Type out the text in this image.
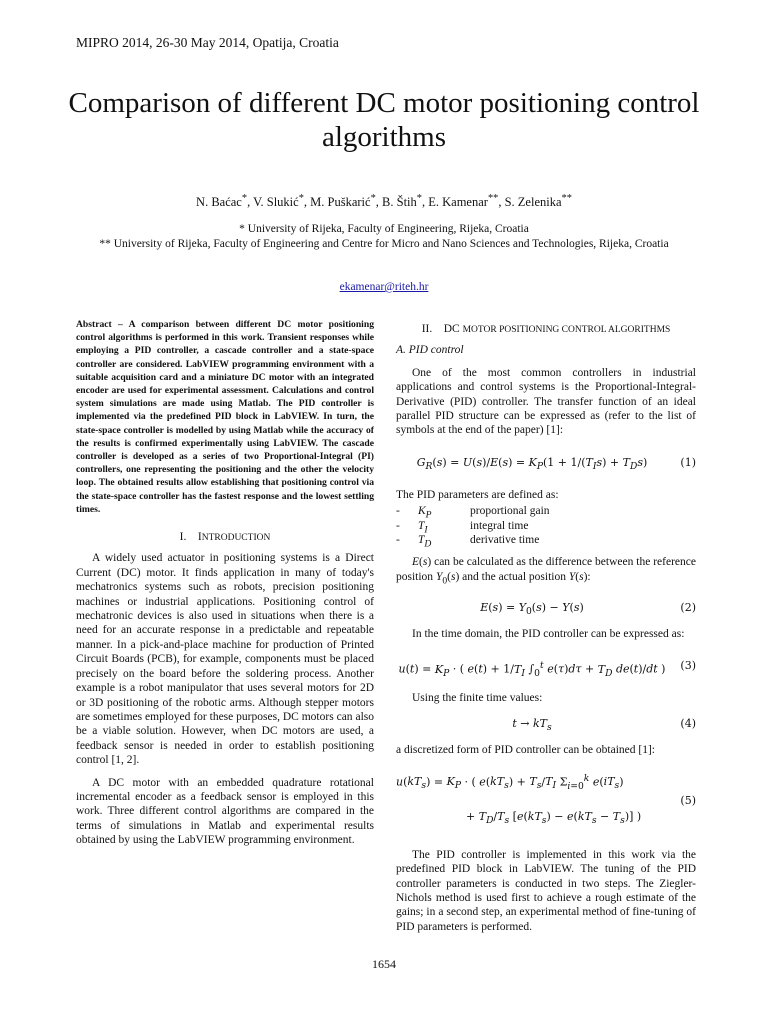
MIPRO 2014, 26-30 May 2014, Opatija, Croatia
Comparison of different DC motor positioning control algorithms
N. Baćac*, V. Slukić*, M. Puškarić*, B. Štih*, E. Kamenar**, S. Zelenika**
* University of Rijeka, Faculty of Engineering, Rijeka, Croatia
** University of Rijeka, Faculty of Engineering and Centre for Micro and Nano Sciences and Technologies, Rijeka, Croatia
ekamenar@riteh.hr

Abstract – A comparison between different DC motor positioning control algorithms is performed in this work. Transient responses while employing a PID controller, a cascade controller and a state-space controller are considered. LabVIEW programming environment with a suitable acquisition card and a miniature DC motor with an integrated encoder are used for experimental assessment. Calculations and control system simulations are made using Matlab. The PID controller is implemented via the predefined PID block in LabVIEW. In turn, the state-space controller is modelled by using Matlab while the accuracy of the results is confirmed experimentally using LabVIEW. The cascade controller is developed as a series of two Proportional-Integral (PI) controllers, one representing the positioning and the other the velocity loop. The obtained results allow establishing that positioning control via the state-space controller has the fastest response and the lowest settling times.

I. INTRODUCTION

A widely used actuator in positioning systems is a Direct Current (DC) motor. It finds application in many of today's mechatronics systems such as robots, precision positioning machines or industrial applications. Positioning control of mechatronic devices is also used in situations when there is a need for an accurate response in a predictable and repeatable manner. In a pick-and-place machine for production of Printed Circuit Boards (PCB), for example, components must be placed precisely on the board before the soldering process. Another example is a robot manipulator that uses several motors for 2D or 3D positioning of the robotic arms. Although stepper motors are sometimes employed for these purposes, DC motors can also be a viable solution. However, when DC motors are used, a feedback sensor is needed in order to establish positioning control [1, 2].

A DC motor with an embedded quadrature rotational incremental encoder as a feedback sensor is employed in this work. Three different control algorithms are compared in the terms of simulations in Matlab and experimental results obtained by using the LabVIEW programming environment.

II.    DC MOTOR POSITIONING CONTROL ALGORITHMS
A. PID control

One of the most common controllers in industrial applications and control systems is the Proportional-Integral-Derivative (PID) controller. The transfer function of an ideal parallel PID structure can be expressed as (refer to the list of symbols at the end of the paper) [1]:

$G_R(s) = U(s)/E(s) = K_P(1 + 1/(T_Is) + T_Ds)$	(1)
The PID parameters are defined as:
-	$K_P$	proportional gain
-	$T_I$	integral time
-	$T_D$	derivative time

E(s) can be calculated as the difference between the reference position $Y_0(s)$ and the actual position Y(s):

$E(s) = Y_0(s) - Y(s)$	(2)

In the time domain, the PID controller can be expressed as:

$u(t) = K_P$ · ( $e(t) + 1/T_I$ $\int_0^t$ $e(\tau)d\tau + T_D$ de(t)/dt ) (3)

Using the finite time values:

$t \to kT_s$	(4)

a discretized form of PID controller can be obtained [1]:

$u(kT_s) = K_P$ · ( $e(kT_s) + T_s/T_I$ $\Sigma_{i=0}^k$ $e(iT_s)$
+ $T_D/T_s$ $[e(kT_s) - e(kT_s - T_s)]$ )
(5)

The PID controller is implemented in this work via the predefined PID block in LabVIEW. The tuning of the PID controller parameters is conducted in two steps. The Ziegler-Nichols method is used first to achieve a rough estimate of the gains; in a second step, an experimental method of fine-tuning of PID parameters is performed.

1654
